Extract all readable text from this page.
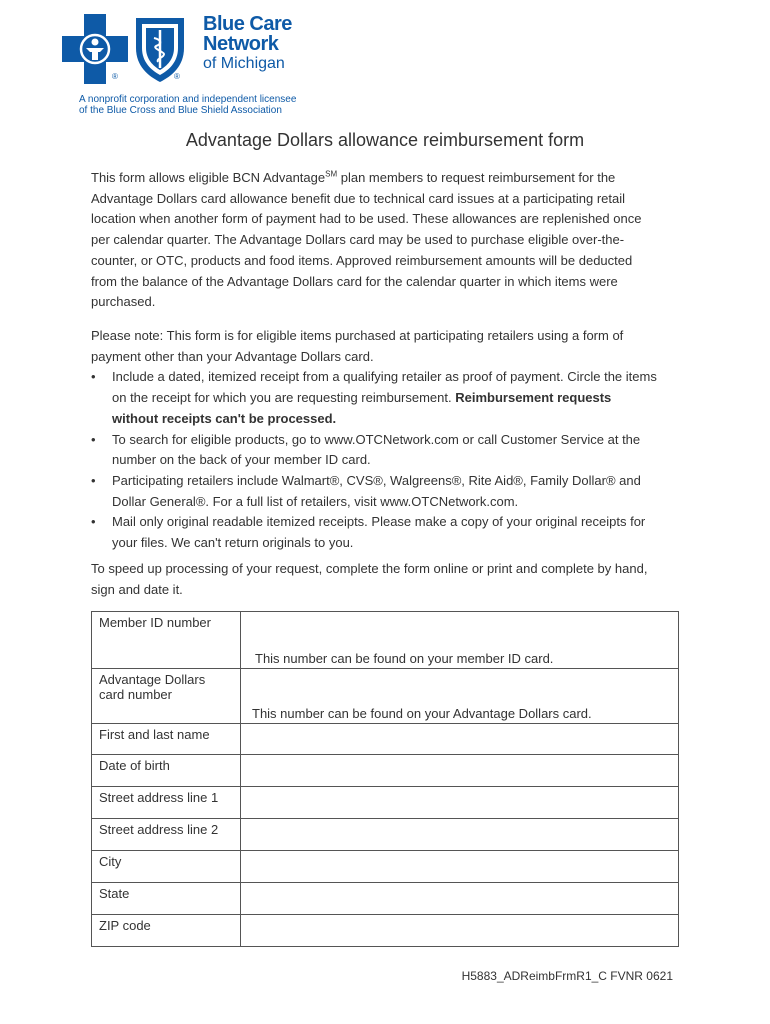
®	®
Blue Care
Network
of Michigan
A nonprofit corporation and independent licensee
of the Blue Cross and Blue Shield Association
Advantage Dollars allowance reimbursement form
This form allows eligible BCN Advantage℠ plan members to request reimbursement for the Advantage Dollars card allowance benefit due to technical card issues at a participating retail location when another form of payment had to be used. These allowances are replenished once per calendar quarter. The Advantage Dollars card may be used to purchase eligible over-the-counter, or OTC, products and food items. Approved reimbursement amounts will be deducted from the balance of the Advantage Dollars card for the calendar quarter in which items were purchased.
Please note: This form is for eligible items purchased at participating retailers using a form of payment other than your Advantage Dollars card.
• Include a dated, itemized receipt from a qualifying retailer as proof of payment. Circle the items on the receipt for which you are requesting reimbursement. Reimbursement requests without receipts can't be processed.
• To search for eligible products, go to www.OTCNetwork.com or call Customer Service at the number on the back of your member ID card.
• Participating retailers include Walmart®, CVS®, Walgreens®, Rite Aid®, Family Dollar® and Dollar General®. For a full list of retailers, visit www.OTCNetwork.com.
• Mail only original readable itemized receipts. Please make a copy of your original receipts for your files. We can't return originals to you.
To speed up processing of your request, complete the form online or print and complete by hand, sign and date it.
Member ID number	This number can be found on your member ID card.

Advantage Dollars card number	This number can be found on your Advantage Dollars card.

First and last name	
Date of birth	
Street address line 1	
Street address line 2	
City	
State	
ZIP code	
H5883_ADReimbFrmR1_C FVNR 0621
